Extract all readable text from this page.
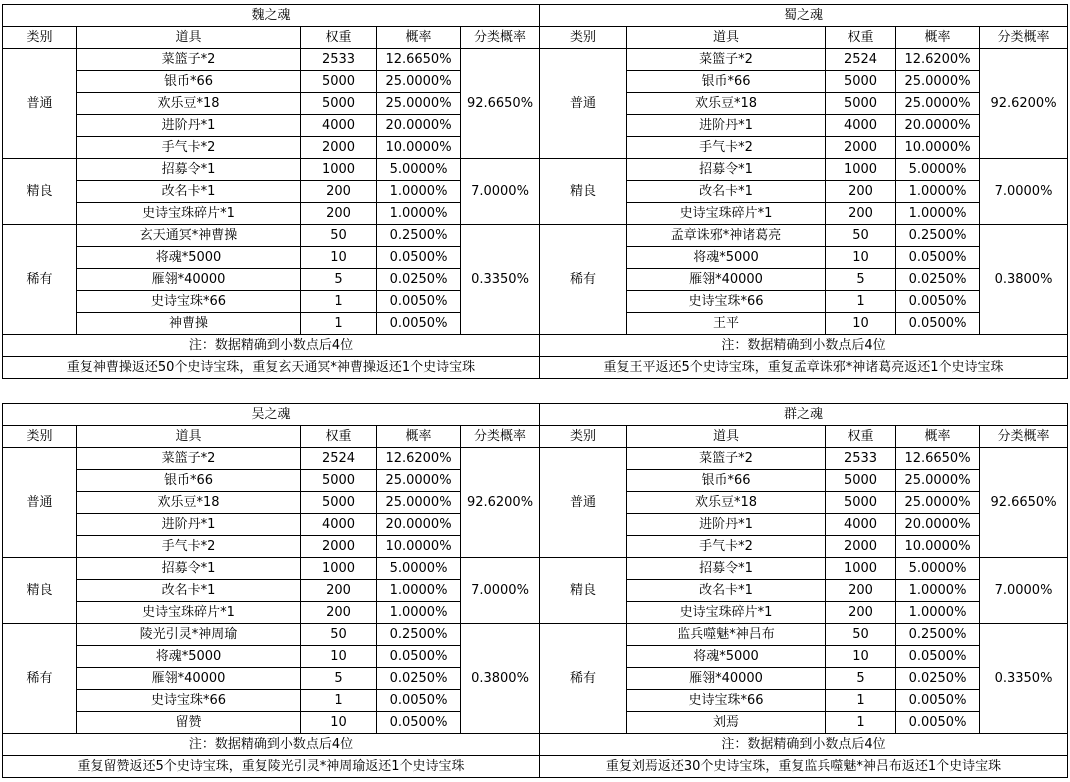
魏之魂				
类别	道具	权重	概率	分类概率
普通	菜篮子*2	2533	12.6650%	92.6650%
	银币*66	5000	25.0000%	
	欢乐豆*18	5000	25.0000%	
	进阶丹*1	4000	20.0000%	
	手气卡*2	2000	10.0000%	
精良	招募令*1	1000	5.0000%	7.0000%
	改名卡*1	200	1.0000%	
	史诗宝珠碎片*1	200	1.0000%	
稀有	玄天通冥*神曹操	50	0.2500%	0.3350%
	将魂*5000	10	0.0500%	
	雁翎*40000	5	0.0250%	
	史诗宝珠*66	1	0.0050%	
	神曹操	1	0.0050%	
注：数据精确到小数点后4位				
重复神曹操返还50个史诗宝珠，重复玄天通冥*神曹操返还1个史诗宝珠				
蜀之魂				
类别	道具	权重	概率	分类概率
普通	菜篮子*2	2524	12.6200%	92.6200%
	银币*66	5000	25.0000%	
	欢乐豆*18	5000	25.0000%	
	进阶丹*1	4000	20.0000%	
	手气卡*2	2000	10.0000%	
精良	招募令*1	1000	5.0000%	7.0000%
	改名卡*1	200	1.0000%	
	史诗宝珠碎片*1	200	1.0000%	
稀有	孟章诛邪*神诸葛亮	50	0.2500%	0.3800%
	将魂*5000	10	0.0500%	
	雁翎*40000	5	0.0250%	
	史诗宝珠*66	1	0.0050%	
	王平	10	0.0500%	
注：数据精确到小数点后4位				
重复王平返还5个史诗宝珠，重复孟章诛邪*神诸葛亮返还1个史诗宝珠				
吴之魂				
类别	道具	权重	概率	分类概率
普通	菜篮子*2	2524	12.6200%	92.6200%
	银币*66	5000	25.0000%	
	欢乐豆*18	5000	25.0000%	
	进阶丹*1	4000	20.0000%	
	手气卡*2	2000	10.0000%	
精良	招募令*1	1000	5.0000%	7.0000%
	改名卡*1	200	1.0000%	
	史诗宝珠碎片*1	200	1.0000%	
稀有	陵光引灵*神周瑜	50	0.2500%	0.3800%
	将魂*5000	10	0.0500%	
	雁翎*40000	5	0.0250%	
	史诗宝珠*66	1	0.0050%	
	留赞	10	0.0500%	
注：数据精确到小数点后4位				
重复留赞返还5个史诗宝珠，重复陵光引灵*神周瑜返还1个史诗宝珠				
群之魂				
类别	道具	权重	概率	分类概率
普通	菜篮子*2	2533	12.6650%	92.6650%
	银币*66	5000	25.0000%	
	欢乐豆*18	5000	25.0000%	
	进阶丹*1	4000	20.0000%	
	手气卡*2	2000	10.0000%	
精良	招募令*1	1000	5.0000%	7.0000%
	改名卡*1	200	1.0000%	
	史诗宝珠碎片*1	200	1.0000%	
稀有	监兵噬魅*神吕布	50	0.2500%	0.3350%
	将魂*5000	10	0.0500%	
	雁翎*40000	5	0.0250%	
	史诗宝珠*66	1	0.0050%	
	刘焉	1	0.0050%	
注：数据精确到小数点后4位				
重复刘焉返还30个史诗宝珠，重复监兵噬魅*神吕布返还1个史诗宝珠				
